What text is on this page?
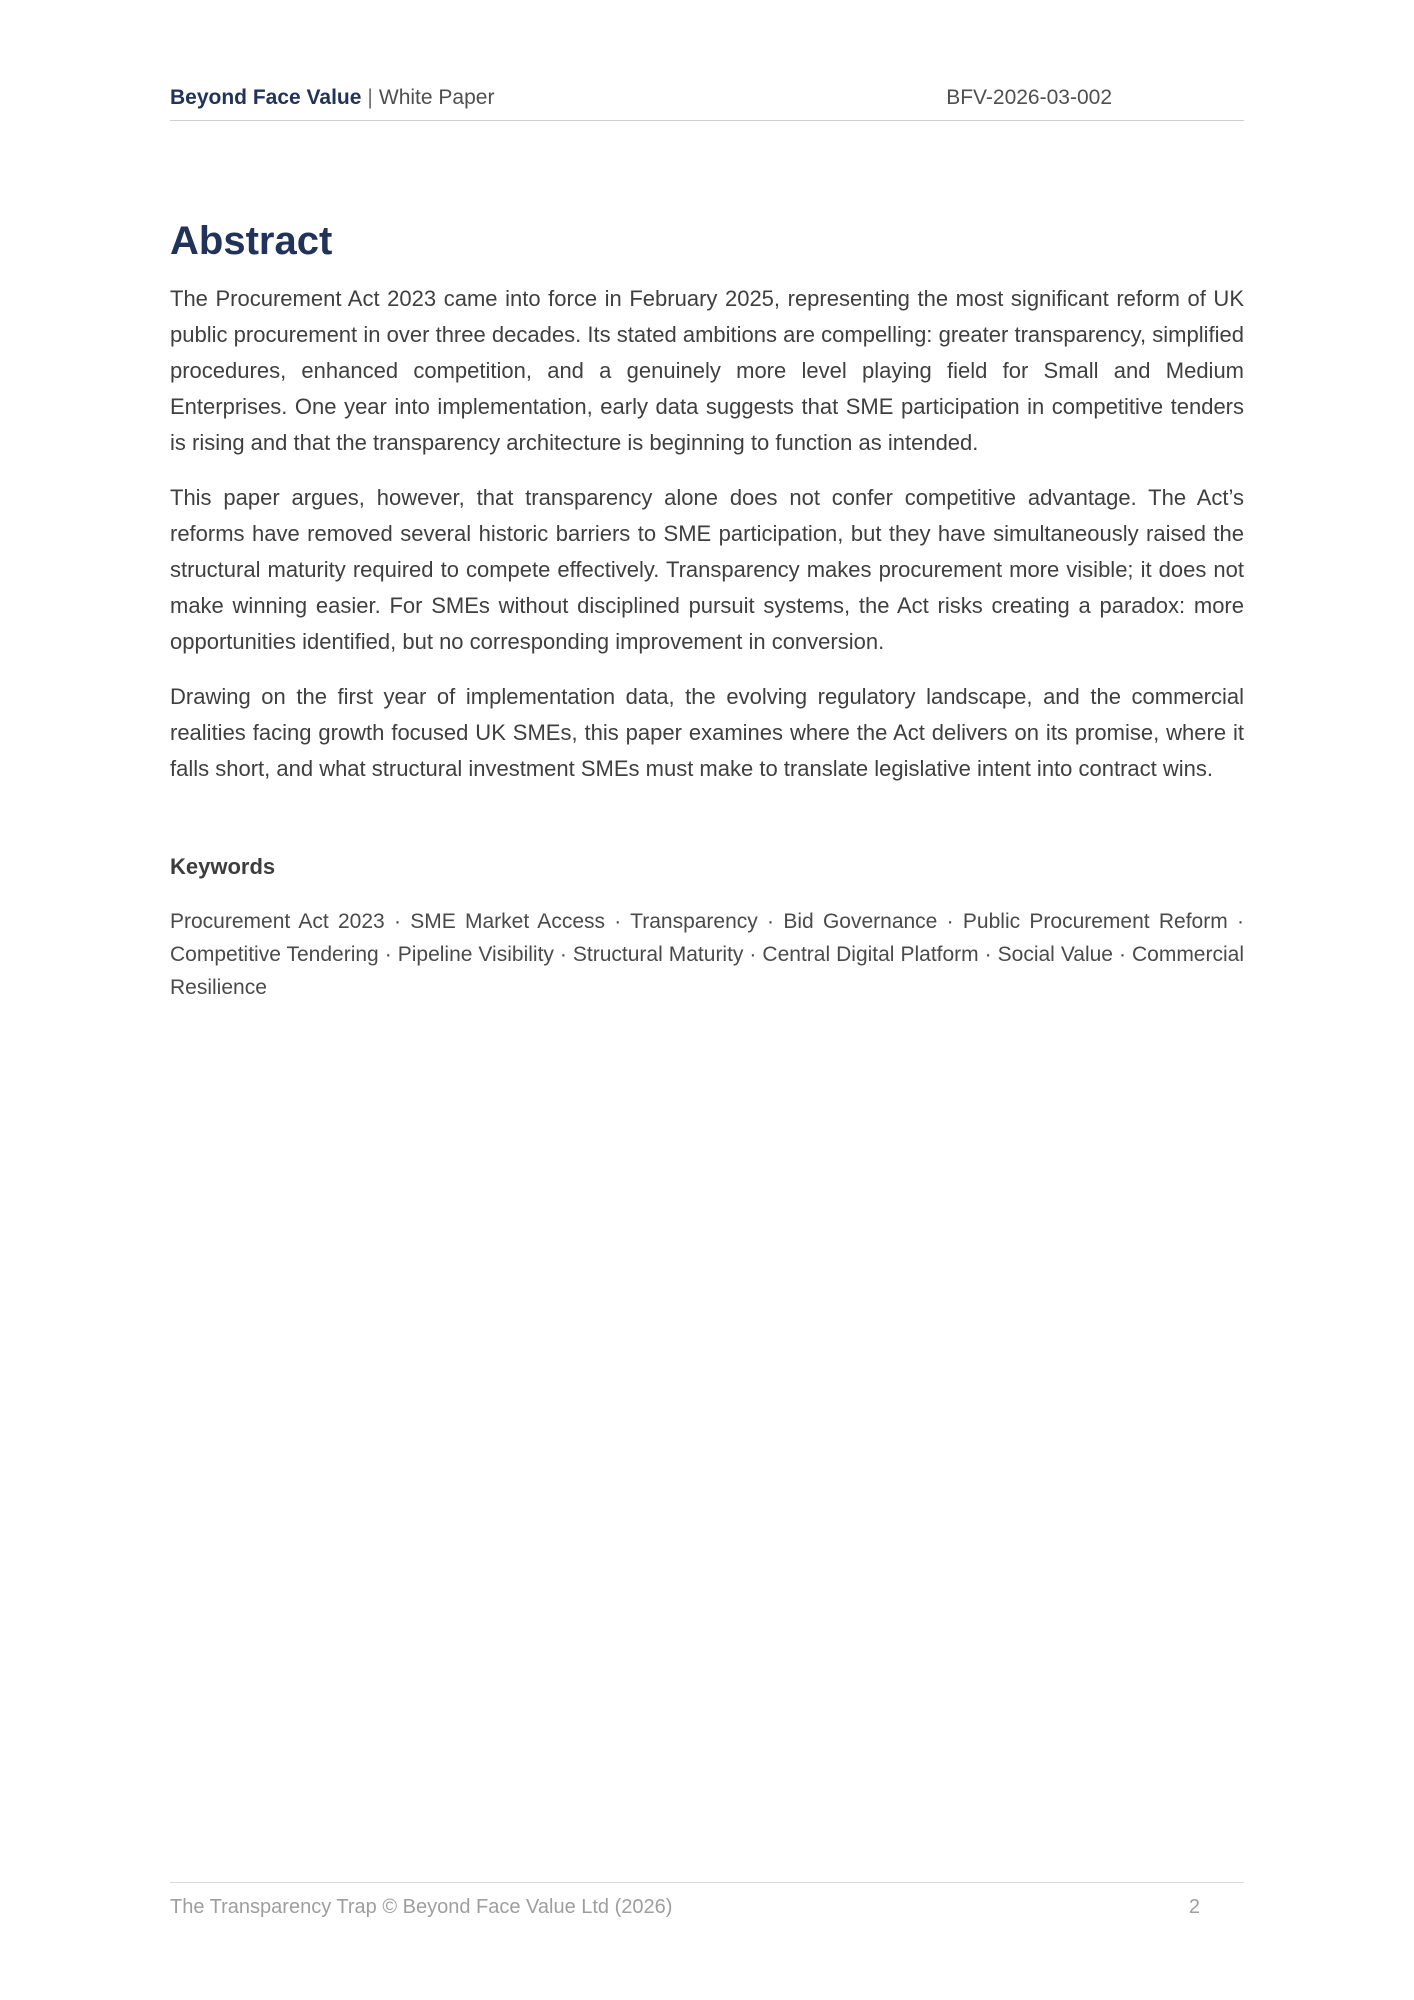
Beyond Face Value | White Paper	BFV-2026-03-002
Abstract

The Procurement Act 2023 came into force in February 2025, representing the most significant reform of UK public procurement in over three decades. Its stated ambitions are compelling: greater transparency, simplified procedures, enhanced competition, and a genuinely more level playing field for Small and Medium Enterprises. One year into implementation, early data suggests that SME participation in competitive tenders is rising and that the transparency architecture is beginning to function as intended.

This paper argues, however, that transparency alone does not confer competitive advantage. The Act’s reforms have removed several historic barriers to SME participation, but they have simultaneously raised the structural maturity required to compete effectively. Transparency makes procurement more visible; it does not make winning easier. For SMEs without disciplined pursuit systems, the Act risks creating a paradox: more opportunities identified, but no corresponding improvement in conversion.

Drawing on the first year of implementation data, the evolving regulatory landscape, and the commercial realities facing growth focused UK SMEs, this paper examines where the Act delivers on its promise, where it falls short, and what structural investment SMEs must make to translate legislative intent into contract wins.

Keywords
Procurement Act 2023 · SME Market Access · Transparency · Bid Governance · Public Procurement Reform · Competitive Tendering · Pipeline Visibility · Structural Maturity · Central Digital Platform · Social Value · Commercial Resilience
The Transparency Trap © Beyond Face Value Ltd (2026)	2
